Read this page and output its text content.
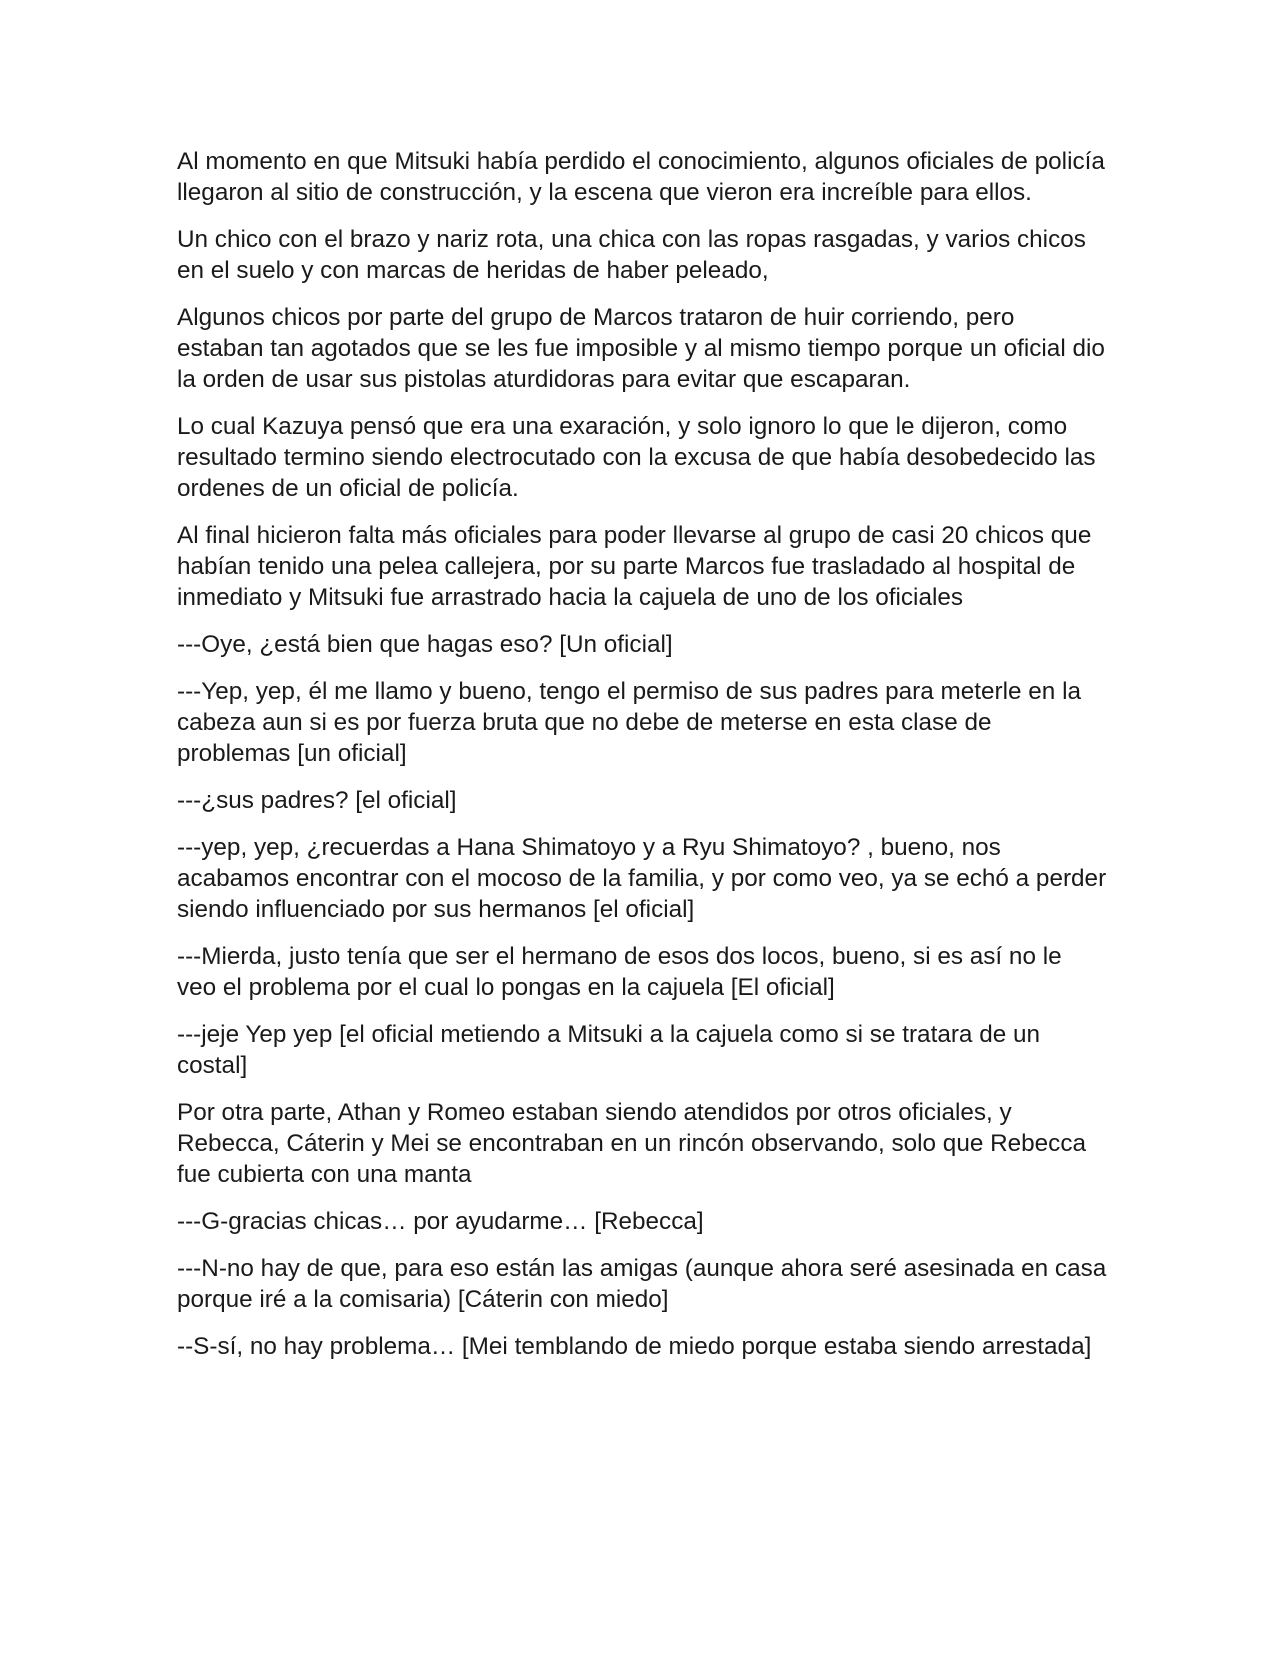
Al momento en que Mitsuki había perdido el conocimiento, algunos oficiales de policía llegaron al sitio de construcción, y la escena que vieron era increíble para ellos.

Un chico con el brazo y nariz rota, una chica con las ropas rasgadas, y varios chicos en el suelo y con marcas de heridas de haber peleado,

Algunos chicos por parte del grupo de Marcos trataron de huir corriendo, pero estaban tan agotados que se les fue imposible y al mismo tiempo porque un oficial dio la orden de usar sus pistolas aturdidoras para evitar que escaparan.

Lo cual Kazuya pensó que era una exaración, y solo ignoro lo que le dijeron, como resultado termino siendo electrocutado con la excusa de que había desobedecido las ordenes de un oficial de policía.

Al final hicieron falta más oficiales para poder llevarse al grupo de casi 20 chicos que habían tenido una pelea callejera, por su parte Marcos fue trasladado al hospital de inmediato y Mitsuki fue arrastrado hacia la cajuela de uno de los oficiales

---Oye, ¿está bien que hagas eso? [Un oficial]

---Yep, yep, él me llamo y bueno, tengo el permiso de sus padres para meterle en la cabeza aun si es por fuerza bruta que no debe de meterse en esta clase de problemas [un oficial]

---¿sus padres? [el oficial]

---yep, yep, ¿recuerdas a Hana Shimatoyo y a Ryu Shimatoyo? , bueno, nos acabamos encontrar con el mocoso de la familia, y por como veo, ya se echó a perder siendo influenciado por sus hermanos [el oficial]

---Mierda, justo tenía que ser el hermano de esos dos locos, bueno, si es así no le veo el problema por el cual lo pongas en la cajuela [El oficial]

---jeje Yep yep [el oficial metiendo a Mitsuki a la cajuela como si se tratara de un costal]

Por otra parte, Athan y Romeo estaban siendo atendidos por otros oficiales, y Rebecca, Cáterin y Mei se encontraban en un rincón observando, solo que Rebecca fue cubierta con una manta

---G-gracias chicas… por ayudarme… [Rebecca]

---N-no hay de que, para eso están las amigas (aunque ahora seré asesinada en casa porque iré a la comisaria) [Cáterin con miedo]

--S-sí, no hay problema… [Mei temblando de miedo porque estaba siendo arrestada]
